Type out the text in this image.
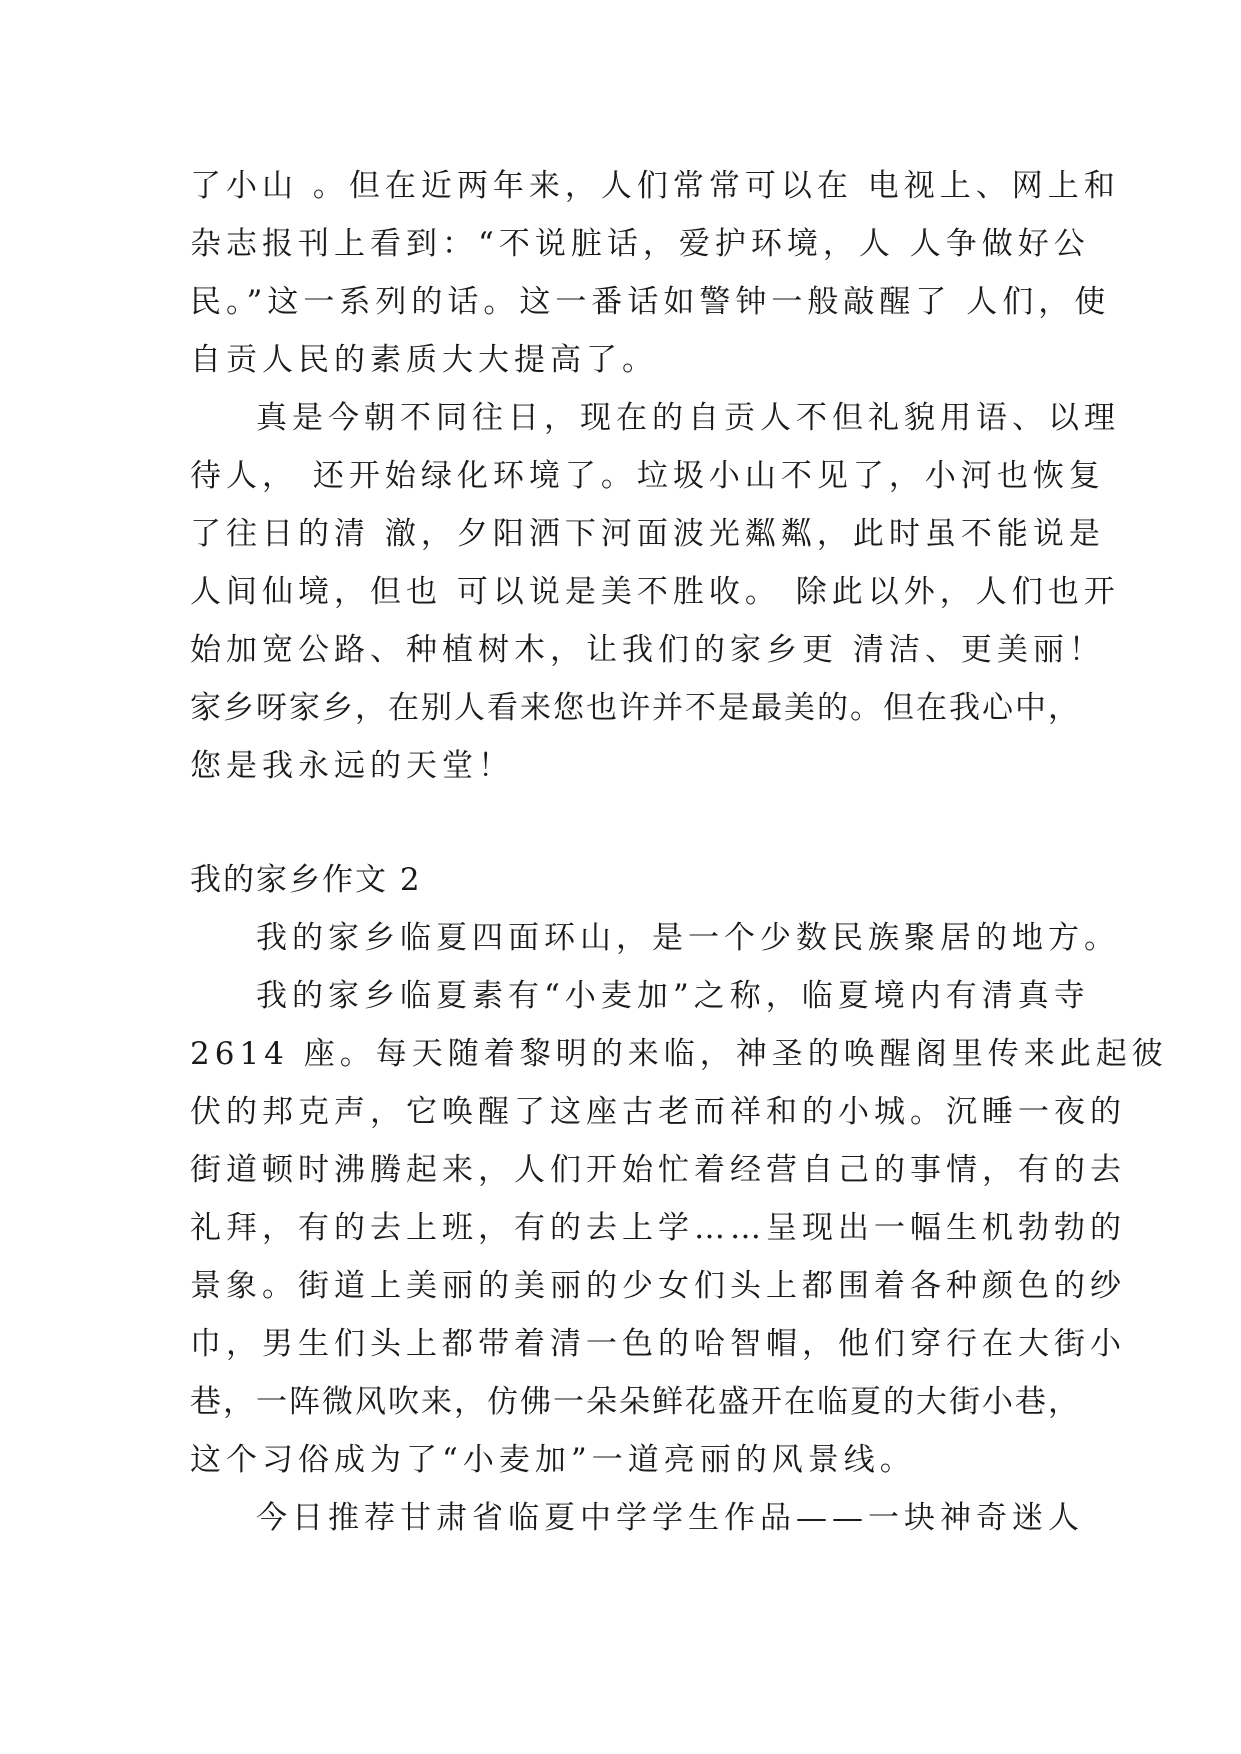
了小山 。但在近两年来，人们常常可以在 电视上、网上和
杂志报刊上看到：“不说脏话，爱护环境，人 人争做好公
民。”这一系列的话。这一番话如警钟一般敲醒了 人们，使
自贡人民的素质大大提高了。
真是今朝不同往日，现在的自贡人不但礼貌用语、以理
待人， 还开始绿化环境了。垃圾小山不见了，小河也恢复
了往日的清 澈，夕阳洒下河面波光粼粼，此时虽不能说是
人间仙境，但也 可以说是美不胜收。 除此以外，人们也开
始加宽公路、种植树木，让我们的家乡更 清洁、更美丽！
家乡呀家乡，在别人看来您也许并不是最美的。但在我心中，
您是我永远的天堂！
我的家乡作文 2
我的家乡临夏四面环山，是一个少数民族聚居的地方。
我的家乡临夏素有“小麦加”之称，临夏境内有清真寺
2614 座。每天随着黎明的来临，神圣的唤醒阁里传来此起彼
伏的邦克声，它唤醒了这座古老而祥和的小城。沉睡一夜的
街道顿时沸腾起来，人们开始忙着经营自己的事情，有的去
礼拜，有的去上班，有的去上学……呈现出一幅生机勃勃的
景象。街道上美丽的美丽的少女们头上都围着各种颜色的纱
巾，男生们头上都带着清一色的哈智帽，他们穿行在大街小
巷，一阵微风吹来，仿佛一朵朵鲜花盛开在临夏的大街小巷，
这个习俗成为了“小麦加”一道亮丽的风景线。
今日推荐甘肃省临夏中学学生作品——一块神奇迷人
